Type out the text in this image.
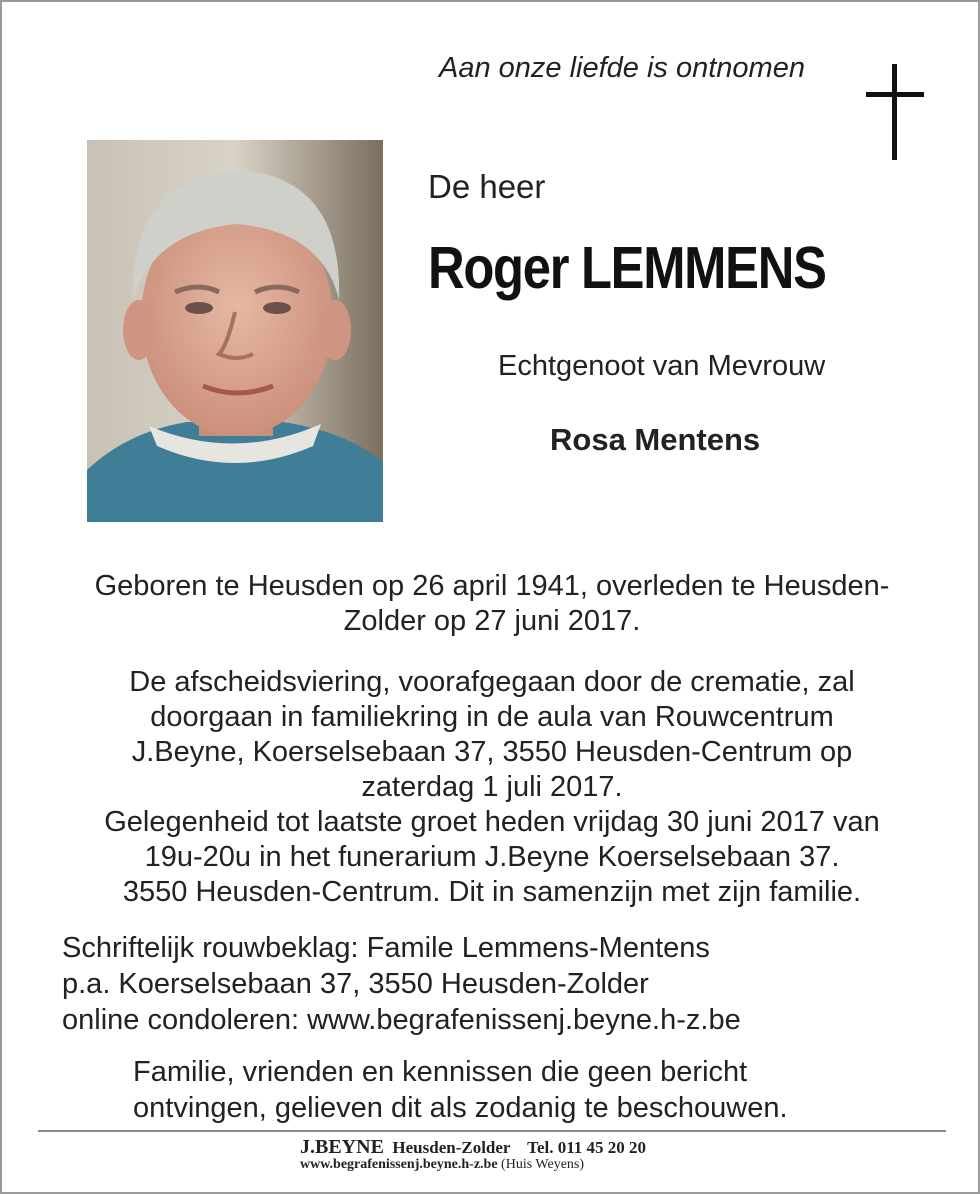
Aan onze liefde is ontnomen
De heer
Roger LEMMENS
Echtgenoot van Mevrouw
Rosa Mentens
Geboren te Heusden op 26 april 1941, overleden te Heusden-
Zolder op 27 juni 2017.
De afscheidsviering, voorafgegaan door de crematie, zal
doorgaan in familiekring in de aula van Rouwcentrum
J.Beyne, Koerselsebaan 37, 3550 Heusden-Centrum op
zaterdag 1 juli 2017.
Gelegenheid tot laatste groet heden vrijdag 30 juni 2017 van
19u-20u in het funerarium J.Beyne Koerselsebaan 37.
3550 Heusden-Centrum. Dit in samenzijn met zijn familie.
Schriftelijk rouwbeklag: Famile Lemmens-Mentens
p.a. Koerselsebaan 37, 3550 Heusden-Zolder
online condoleren: www.begrafenissenj.beyne.h-z.be
Familie, vrienden en kennissen die geen bericht
ontvingen, gelieven dit als zodanig te beschouwen.
J.BEYNE Heusden-Zolder Tel. 011 45 20 20
www.begrafenissenj.beyne.h-z.be (Huis Weyens)
